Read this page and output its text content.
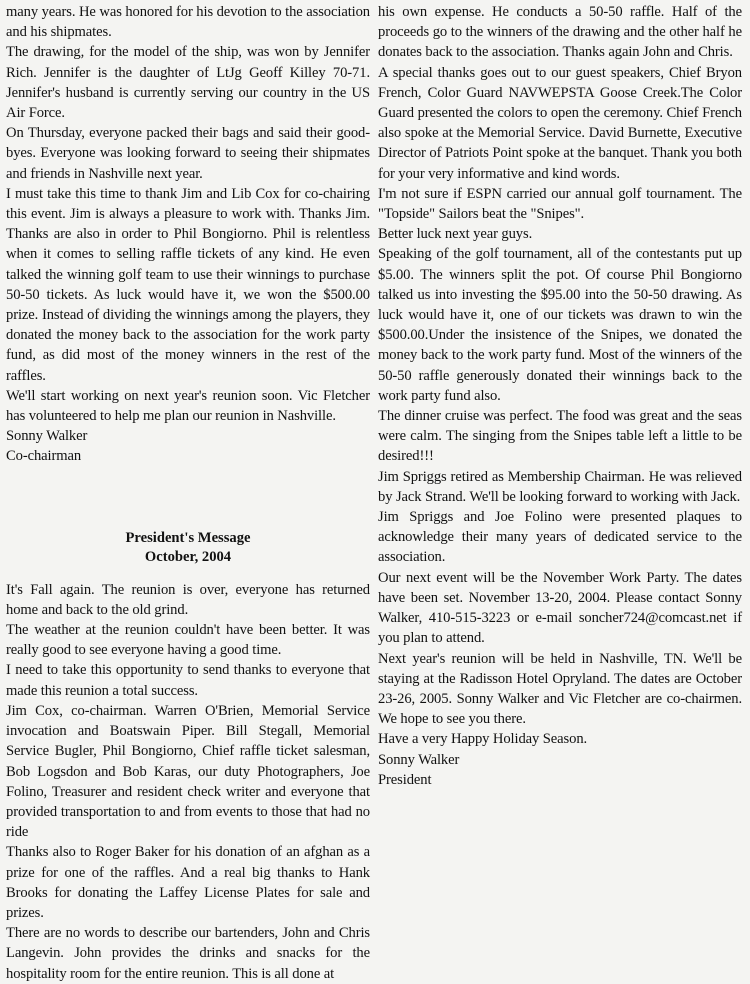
many years. He was honored for his devotion to the association and his shipmates.

The drawing, for the model of the ship, was won by Jennifer Rich. Jennifer is the daughter of LtJg Geoff Killey 70-71. Jennifer's husband is currently serving our country in the US Air Force.

On Thursday, everyone packed their bags and said their good-byes. Everyone was looking forward to seeing their shipmates and friends in Nashville next year.

I must take this time to thank Jim and Lib Cox for co-chairing this event. Jim is always a pleasure to work with. Thanks Jim. Thanks are also in order to Phil Bongiorno. Phil is relentless when it comes to selling raffle tickets of any kind. He even talked the winning golf team to use their winnings to purchase 50-50 tickets. As luck would have it, we won the $500.00 prize. Instead of dividing the winnings among the players, they donated the money back to the association for the work party fund, as did most of the money winners in the rest of the raffles.

We'll start working on next year's reunion soon. Vic Fletcher has volunteered to help me plan our reunion in Nashville.

Sonny Walker

Co-chairman

President's Message
October, 2004

It's Fall again. The reunion is over, everyone has returned home and back to the old grind.

The weather at the reunion couldn't have been better. It was really good to see everyone having a good time.

I need to take this opportunity to send thanks to everyone that made this reunion a total success.

Jim Cox, co-chairman. Warren O'Brien, Memorial Service invocation and Boatswain Piper. Bill Stegall, Memorial Service Bugler, Phil Bongiorno, Chief raffle ticket salesman, Bob Logsdon and Bob Karas, our duty Photographers, Joe Folino, Treasurer and resident check writer and everyone that provided transportation to and from events to those that had no ride

Thanks also to Roger Baker for his donation of an afghan as a prize for one of the raffles. And a real big thanks to Hank Brooks for donating the Laffey License Plates for sale and prizes.

There are no words to describe our bartenders, John and Chris Langevin. John provides the drinks and snacks for the hospitality room for the entire reunion. This is all done at

his own expense. He conducts a 50-50 raffle. Half of the proceeds go to the winners of the drawing and the other half he donates back to the association. Thanks again John and Chris.

A special thanks goes out to our guest speakers, Chief Bryon French, Color Guard NAVWEPSTA Goose Creek.The Color Guard presented the colors to open the ceremony. Chief French also spoke at the Memorial Service. David Burnette, Executive Director of Patriots Point spoke at the banquet. Thank you both for your very informative and kind words.

I'm not sure if ESPN carried our annual golf tournament. The "Topside" Sailors beat the "Snipes".

Better luck next year guys.

Speaking of the golf tournament, all of the contestants put up $5.00. The winners split the pot. Of course Phil Bongiorno talked us into investing the $95.00 into the 50-50 drawing. As luck would have it, one of our tickets was drawn to win the $500.00.Under the insistence of the Snipes, we donated the money back to the work party fund. Most of the winners of the 50-50 raffle generously donated their winnings back to the work party fund also.

The dinner cruise was perfect. The food was great and the seas were calm. The singing from the Snipes table left a little to be desired!!!

Jim Spriggs retired as Membership Chairman. He was relieved by Jack Strand. We'll be looking forward to working with Jack.

Jim Spriggs and Joe Folino were presented plaques to acknowledge their many years of dedicated service to the association.

Our next event will be the November Work Party. The dates have been set. November 13-20, 2004. Please contact Sonny Walker, 410-515-3223 or e-mail soncher724@comcast.net if you plan to attend.

Next year's reunion will be held in Nashville, TN. We'll be staying at the Radisson Hotel Opryland. The dates are October 23-26, 2005. Sonny Walker and Vic Fletcher are co-chairmen. We hope to see you there.

Have a very Happy Holiday Season.

Sonny Walker

President
